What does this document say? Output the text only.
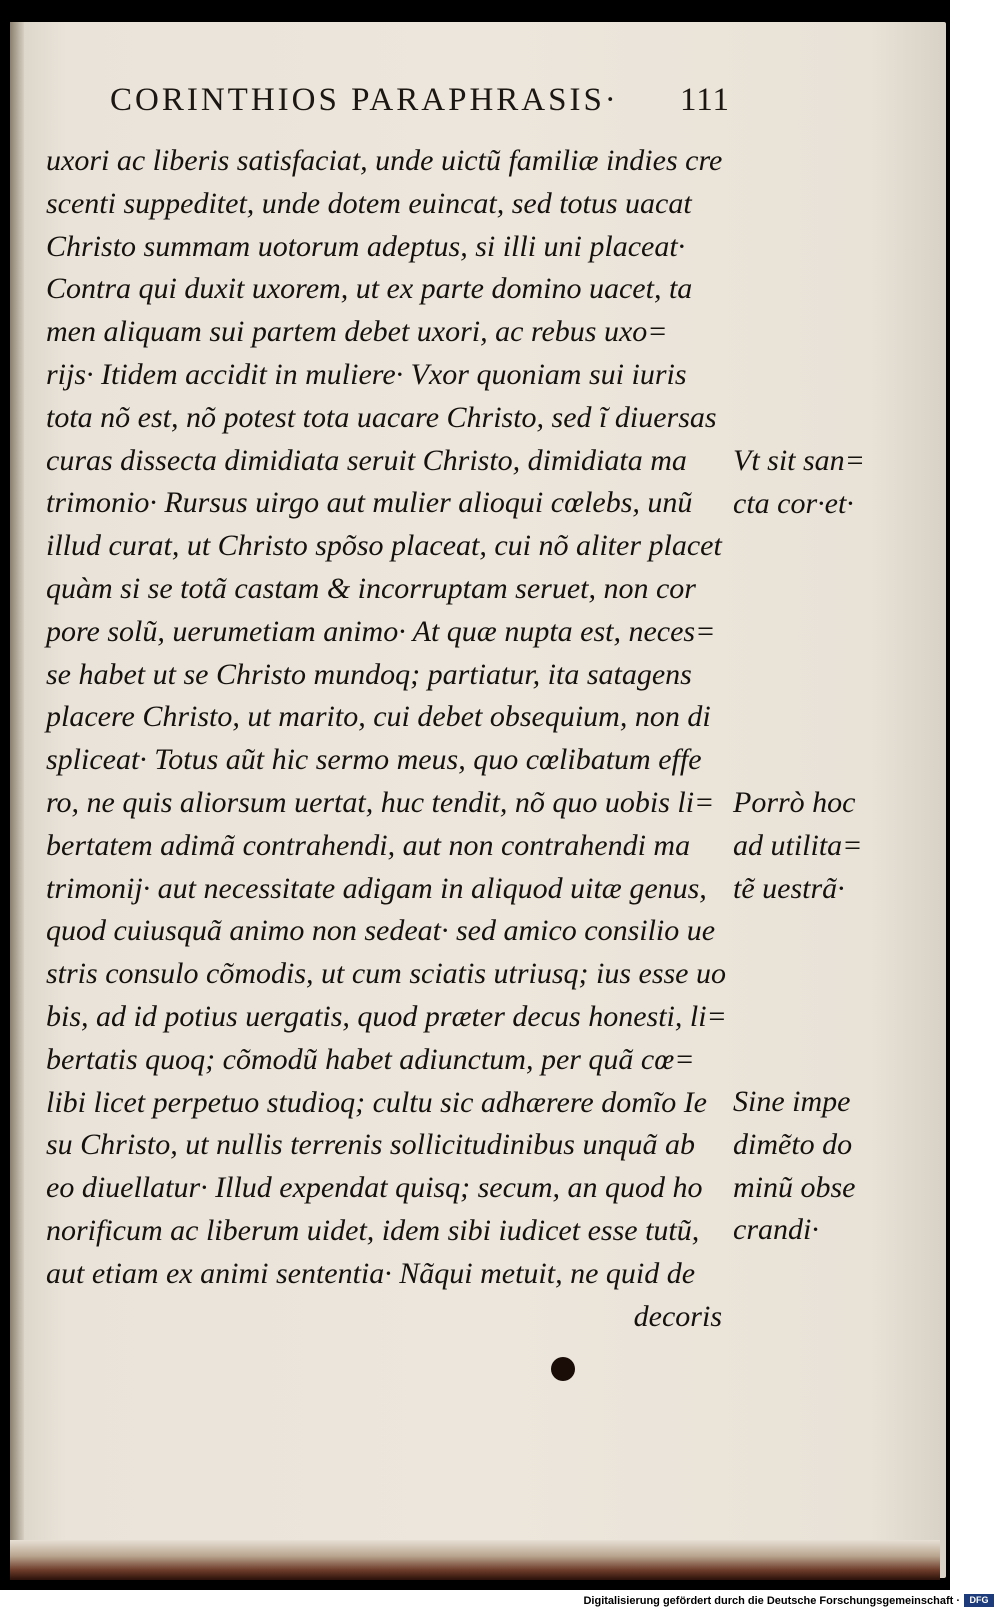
CORINTHIOS PARAPHRASIS· 111
uxori ac liberis satisfaciat, unde uictũ familiæ indies cre
scenti suppeditet, unde dotem euincat, sed totus uacat
Christo summam uotorum adeptus, si illi uni placeat·
Contra qui duxit uxorem, ut ex parte domino uacet, ta
men aliquam sui partem debet uxori, ac rebus uxo=
rijs· Itidem accidit in muliere· Vxor quoniam sui iuris
tota nõ est, nõ potest tota uacare Christo, sed ĩ diuersas
curas dissecta dimidiata seruit Christo, dimidiata ma
trimonio· Rursus uirgo aut mulier alioqui cœlebs, unũ
illud curat, ut Christo spõso placeat, cui nõ aliter placet
quàm si se totã castam & incorruptam seruet, non cor
pore solũ, uerumetiam animo· At quæ nupta est, neces=
se habet ut se Christo mundoq; partiatur, ita satagens
placere Christo, ut marito, cui debet obsequium, non di
spliceat· Totus aũt hic sermo meus, quo cœlibatum effe
ro, ne quis aliorsum uertat, huc tendit, nõ quo uobis li=
bertatem adimã contrahendi, aut non contrahendi ma
trimonij· aut necessitate adigam in aliquod uitæ genus,
quod cuiusquã animo non sedeat· sed amico consilio ue
stris consulo cõmodis, ut cum sciatis utriusq; ius esse uo
bis, ad id potius uergatis, quod præter decus honesti, li=
bertatis quoq; cõmodũ habet adiunctum, per quã cœ=
libi licet perpetuo studioq; cultu sic adhærere domĩo Ie
su Christo, ut nullis terrenis sollicitudinibus unquã ab
eo diuellatur· Illud expendat quisq; secum, an quod ho
norificum ac liberum uidet, idem sibi iudicet esse tutũ,
aut etiam ex animi sententia· Nãqui metuit, ne quid de
decoris
Vt sit san=
cta cor·et·
Porrò hoc
ad utilita=
tẽ uestrã·
Sine impe
dimẽto do
minũ obse
crandi·
Digitalisierung gefördert durch die Deutsche Forschungsgemeinschaft ·	DFG
